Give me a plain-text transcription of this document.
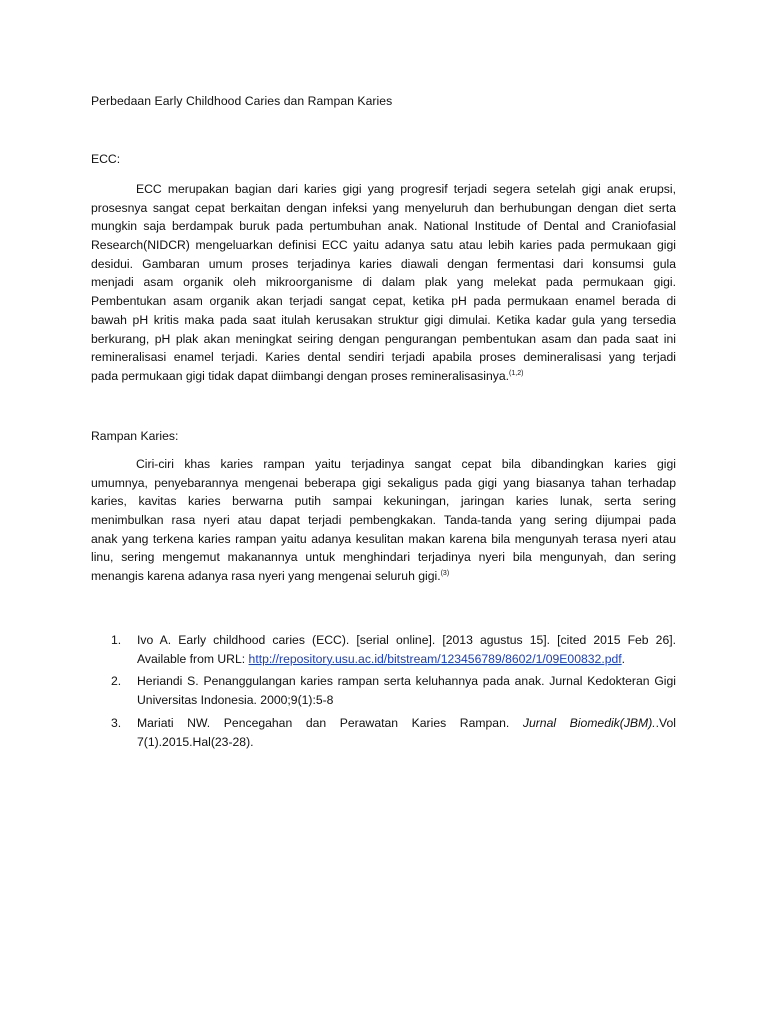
Perbedaan Early Childhood Caries dan Rampan Karies
ECC:
ECC merupakan bagian dari karies gigi yang progresif terjadi segera setelah gigi anak erupsi,
prosesnya sangat cepat berkaitan dengan infeksi yang menyeluruh dan berhubungan dengan diet serta
mungkin saja berdampak buruk pada pertumbuhan anak. National Institude of Dental and Craniofasial
Research(NIDCR) mengeluarkan definisi ECC yaitu adanya satu atau lebih karies pada permukaan gigi
desidui. Gambaran umum proses terjadinya karies diawali dengan fermentasi dari konsumsi gula
menjadi asam organik oleh mikroorganisme di dalam plak yang melekat pada permukaan gigi.
Pembentukan asam organik akan terjadi sangat cepat, ketika pH pada permukaan enamel berada di
bawah pH kritis maka pada saat itulah kerusakan struktur gigi dimulai. Ketika kadar gula yang tersedia
berkurang, pH plak akan meningkat seiring dengan pengurangan pembentukan asam dan pada saat ini
remineralisasi enamel terjadi. Karies dental sendiri terjadi apabila proses demineralisasi yang terjadi
pada permukaan gigi tidak dapat diimbangi dengan proses remineralisasinya.$^{(1,2)}$
Rampan Karies:
Ciri-ciri khas karies rampan yaitu terjadinya sangat cepat bila dibandingkan karies gigi
umumnya, penyebarannya mengenai beberapa gigi sekaligus pada gigi yang biasanya tahan terhadap
karies, kavitas karies berwarna putih sampai kekuningan, jaringan karies lunak, serta sering
menimbulkan rasa nyeri atau dapat terjadi pembengkakan. Tanda-tanda yang sering dijumpai pada
anak yang terkena karies rampan yaitu adanya kesulitan makan karena bila mengunyah terasa nyeri atau
linu, sering mengemut makanannya untuk menghindari terjadinya nyeri bila mengunyah, dan sering
menangis karena adanya rasa nyeri yang mengenai seluruh gigi.$^{(3)}$
1. Ivo A. Early childhood caries (ECC). [serial online]. [2013 agustus 15]. [cited 2015 Feb 26].
Available from URL: http://repository.usu.ac.id/bitstream/123456789/8602/1/09E00832.pdf.
2. Heriandi S. Penanggulangan karies rampan serta keluhannya pada anak. Jurnal Kedokteran Gigi
Universitas Indonesia. 2000;9(1):5-8
3. Mariati NW. Pencegahan dan Perawatan Karies Rampan. Jurnal Biomedik(JBM)..Vol
7(1).2015.Hal(23-28).
